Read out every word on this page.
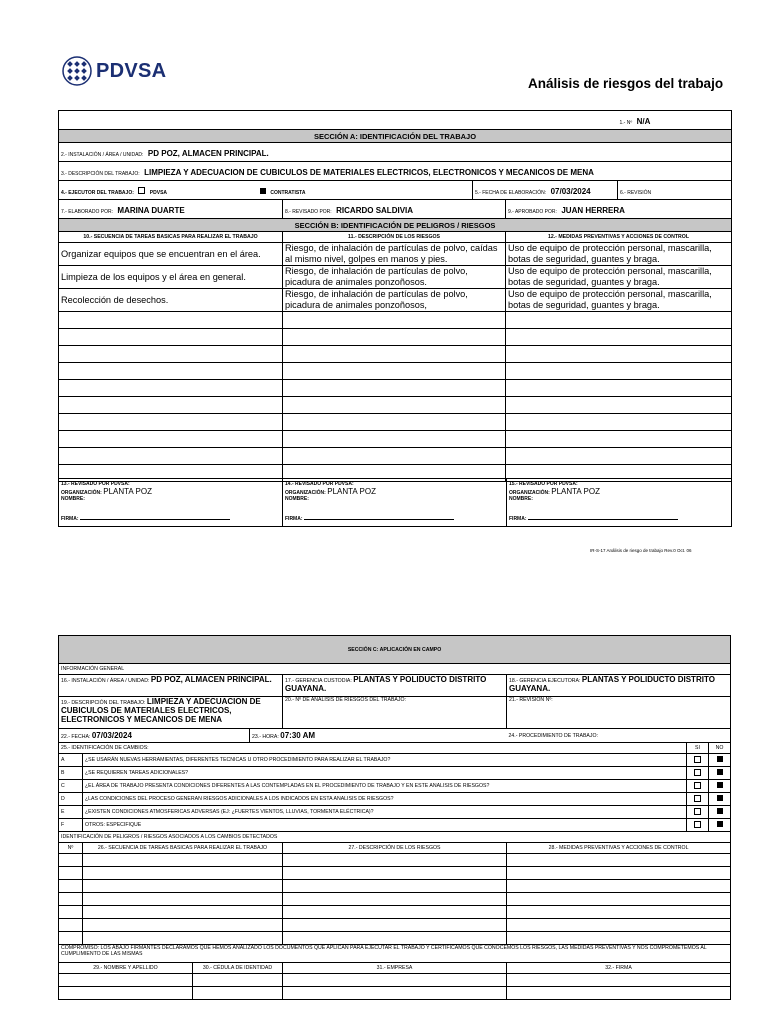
PDVSA
Análisis de riesgos del trabajo
				1.- Nº N/A
SECCIÓN A: IDENTIFICACIÓN DEL TRABAJO				
2.- INSTALACIÓN / ÁREA / UNIDAD: PD POZ, ALMACEN PRINCIPAL.				
3.- DESCRIPCIÓN DEL TRABAJO: LIMPIEZA Y ADECUACION DE CUBICULOS DE MATERIALES ELECTRICOS, ELECTRONICOS Y MECANICOS DE MENA				
4.- EJECUTOR DEL TRABAJO: PDVSA CONTRATISTA		5.- FECHA DE ELABORACIÓN: 07/03/2024		6.- REVISIÓN
7.- ELABORADO POR: MARINA DUARTE	8.- REVISADO POR: RICARDO SALDIVIA		9.- APROBADO POR: JUAN HERRERA	
SECCIÓN B: IDENTIFICACIÓN DE PELIGROS / RIESGOS				
10.- SECUENCIA DE TAREAS BASICAS PARA REALIZAR EL TRABAJO	11.- DESCRIPCIÓN DE LOS RIESGOS		12.- MEDIDAS PREVENTIVAS Y ACCIONES DE CONTROL	
Organizar equipos que se encuentran en el área.	Riesgo, de inhalación de partículas de polvo, caídas al mismo nivel, golpes en manos y pies.		Uso de equipo de protección personal, mascarilla, botas de seguridad, guantes y braga.	
Limpieza de los equipos y el área en general.	Riesgo, de inhalación de partículas de polvo, picadura de animales ponzoñosos.		Uso de equipo de protección personal, mascarilla, botas de seguridad, guantes y braga.	
Recolección de desechos.	Riesgo, de inhalación de partículas de polvo, picadura de animales ponzoñosos,		Uso de equipo de protección personal, mascarilla, botas de seguridad, guantes y braga.	

13.- REVISADO POR PDVSA:
ORGANIZACIÓN: PLANTA POZ
NOMBRE:
FIRMA:

14.- REVISADO POR PDVSA:
ORGANIZACIÓN: PLANTA POZ
NOMBRE:
FIRMA:

15.- REVISADO POR PDVSA:
ORGANIZACIÓN: PLANTA POZ
NOMBRE:
FIRMA:
IR-S-17 Análisis de riesgo de trabajo Rev.0 Oct. 06
SECCIÓN C: APLICACIÓN EN CAMPO							
INFORMACIÓN GENERAL							
16.- INSTALACIÓN / ÁREA / UNIDAD: PD POZ, ALMACEN PRINCIPAL.				17.- GERENCIA CUSTODIA: PLANTAS Y POLIDUCTO DISTRITO GUAYANA.	18.- GERENCIA EJECUTORA: PLANTAS Y POLIDUCTO DISTRITO GUAYANA.		
19.- DESCRIPCIÓN DEL TRABAJO: LIMPIEZA Y ADECUACION DE CUBICULOS DE MATERIALES ELECTRICOS, ELECTRONICOS Y MECANICOS DE MENA				20.- Nº DE ANALISIS DE RIESGOS DEL TRABAJO:	21.- REVISIÓN Nº:		
22.- FECHA: 07/03/2024			23.- HORA: 07:30 AM		24.- PROCEDIMIENTO DE TRABAJO:		
25.- IDENTIFICACIÓN DE CAMBIOS:						SI	NO
A	¿SE USARÁN NUEVAS HERRAMIENTAS, DIFERENTES TECNICAS U OTRO PROCEDIMIENTO PARA REALIZAR EL TRABAJO?						
B	¿SE REQUIEREN TAREAS ADICIONALES?						
C	¿EL ÁREA DE TRABAJO PRESENTA CONDICIONES DIFERENTES A LAS CONTEMPLADAS EN EL PROCEDIMIENTO DE TRABAJO Y EN ESTE ANALISIS DE RIESGOS?						
D	¿LAS CONDICIONES DEL PROCESO GENERAN RIESGOS ADICIONALES A LOS INDICADOS EN ESTA ANALISIS DE RIESGOS?						
E	¿EXISTEN CONDICIONES ATMOSFERICAS ADVERSAS (EJ: ¿FUERTES VIENTOS, LLUVIAS, TORMENTA ELÉCTRICA)?						
F	OTROS: ESPECIFIQUE						
IDENTIFICACIÓN DE PELIGROS / RIESGOS ASOCIADOS A LOS CAMBIOS DETECTADOS							
Nº	26.- SECUENCIA DE TAREAS BASICAS PARA REALIZAR EL TRABAJO			27.- DESCRIPCIÓN DE LOS RIESGOS	28.- MEDIDAS PREVENTIVAS Y ACCIONES DE CONTROL		

COMPROMISO: LOS ABAJO FIRMANTES DECLARAMOS QUE HEMOS ANALIZADO LOS DOCUMENTOS QUE APLICAN PARA EJECUTAR EL TRABAJO Y CERTIFICAMOS QUE CONOCEMOS LOS RIESGOS, LAS MEDIDAS PREVENTIVAS Y NOS COMPROMETEMOS AL CUMPLIMIENTO DE LAS MISMAS							
29.- NOMBRE Y APELLIDO		30.- CÉDULA DE IDENTIDAD		31.- EMPRESA	32.- FIRMA		
